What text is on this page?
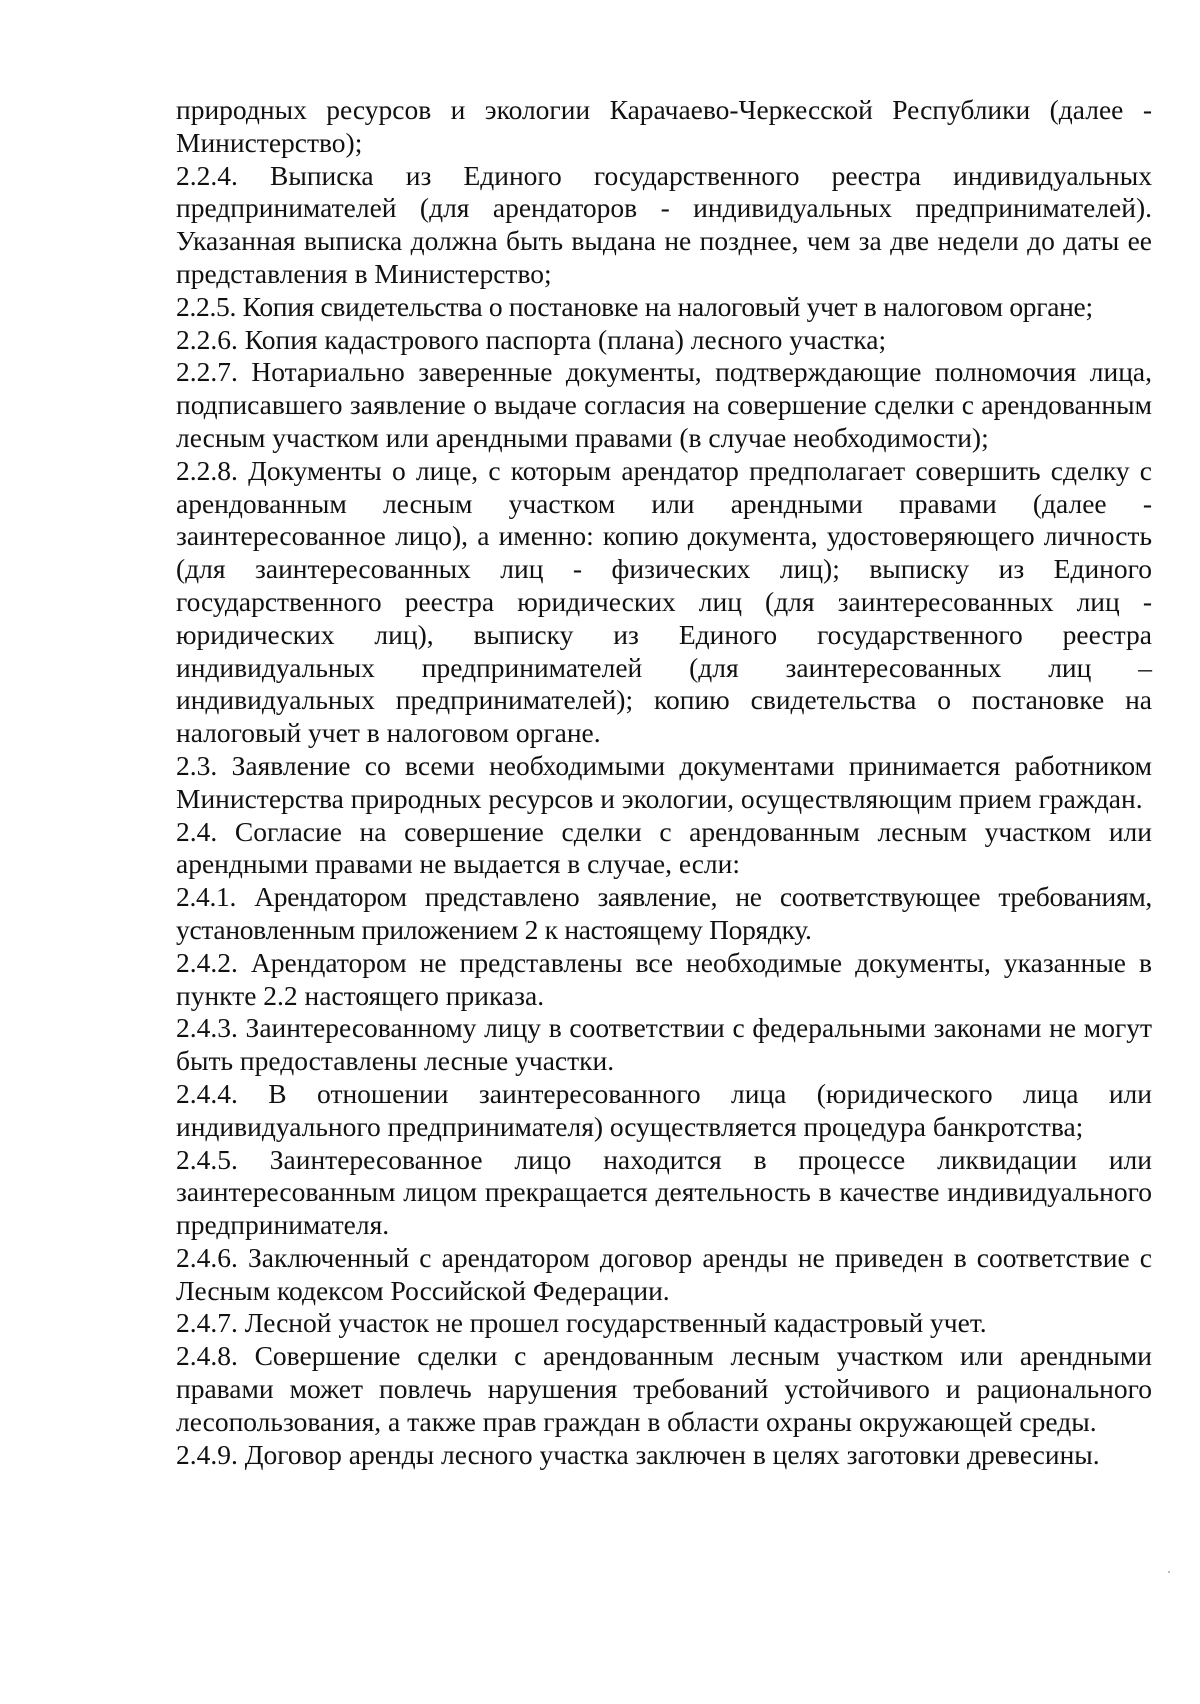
природных ресурсов и экологии Карачаево-Черкесской Республики (далее - Министерство);

2.2.4. Выписка из Единого государственного реестра индивидуальных предпринимателей (для арендаторов - индивидуальных предпринимателей). Указанная выписка должна быть выдана не позднее, чем за две недели до даты ее представления в Министерство;

2.2.5. Копия свидетельства о постановке на налоговый учет в налоговом органе;

2.2.6. Копия кадастрового паспорта (плана) лесного участка;

2.2.7. Нотариально заверенные документы, подтверждающие полномочия лица, подписавшего заявление о выдаче согласия на совершение сделки с арендованным лесным участком или арендными правами (в случае необходимости);

2.2.8. Документы о лице, с которым арендатор предполагает совершить сделку с арендованным лесным участком или арендными правами (далее - заинтересованное лицо), а именно: копию документа, удостоверяющего личность (для заинтересованных лиц - физических лиц); выписку из Единого государственного реестра юридических лиц (для заинтересованных лиц - юридических лиц), выписку из Единого государственного реестра индивидуальных предпринимателей (для заинтересованных лиц – индивидуальных предпринимателей); копию свидетельства о постановке на налоговый учет в налоговом органе.

2.3. Заявление со всеми необходимыми документами принимается работником Министерства природных ресурсов и экологии, осуществляющим прием граждан.

2.4. Согласие на совершение сделки с арендованным лесным участком или арендными правами не выдается в случае, если:

2.4.1. Арендатором представлено заявление, не соответствующее требованиям, установленным приложением 2 к настоящему Порядку.

2.4.2. Арендатором не представлены все необходимые документы, указанные в пункте 2.2 настоящего приказа.

2.4.3. Заинтересованному лицу в соответствии с федеральными законами не могут быть предоставлены лесные участки.

2.4.4. В отношении заинтересованного лица (юридического лица или индивидуального предпринимателя) осуществляется процедура банкротства;

2.4.5. Заинтересованное лицо находится в процессе ликвидации или заинтересованным лицом прекращается деятельность в качестве индивидуального предпринимателя.

2.4.6. Заключенный с арендатором договор аренды не приведен в соответствие с Лесным кодексом Российской Федерации.

2.4.7. Лесной участок не прошел государственный кадастровый учет.

2.4.8. Совершение сделки с арендованным лесным участком или арендными правами может повлечь нарушения требований устойчивого и рационального лесопользования, а также прав граждан в области охраны окружающей среды.

2.4.9. Договор аренды лесного участка заключен в целях заготовки древесины.
